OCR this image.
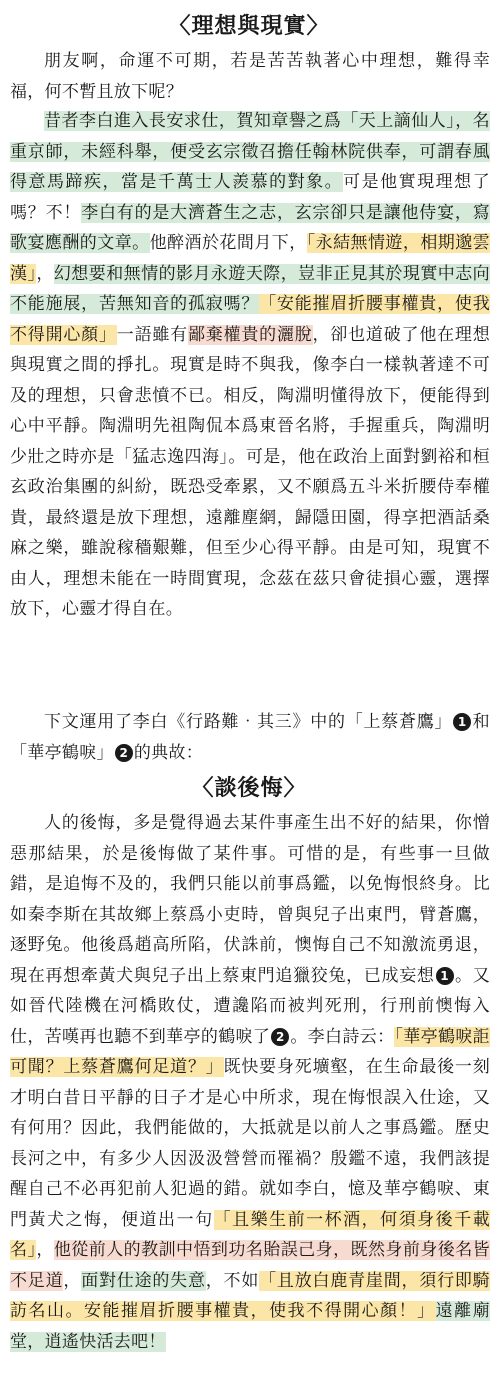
〈理想與現實〉
朋友啊，命運不可期，若是苦苦執著心中理想，難得幸福，何不暫且放下呢？
昔者李白進入長安求仕，賀知章譽之爲「天上謫仙人」，名重京師，未經科舉，便受玄宗徵召擔任翰林院供奉，可謂春風得意馬蹄疾，當是千萬士人羨慕的對象。可是他實現理想了嗎？不！李白有的是大濟蒼生之志，玄宗卻只是讓他侍宴，寫歌宴應酬的文章。他醉酒於花間月下，「永結無情遊，相期邈雲漢」，幻想要和無情的影月永遊天際，豈非正見其於現實中志向不能施展，苦無知音的孤寂嗎？「安能摧眉折腰事權貴，使我不得開心顏」一語雖有鄙棄權貴的灑脫，卻也道破了他在理想與現實之間的掙扎。現實是時不與我，像李白一樣執著達不可及的理想，只會悲憤不已。相反，陶淵明懂得放下，便能得到心中平靜。陶淵明先祖陶侃本爲東晉名將，手握重兵，陶淵明少壯之時亦是「猛志逸四海」。可是，他在政治上面對劉裕和桓玄政治集團的糾紛，既恐受牽累，又不願爲五斗米折腰侍奉權貴，最終還是放下理想，遠離塵網，歸隱田園，得享把酒話桑麻之樂，雖說稼穡艱難，但至少心得平靜。由是可知，現實不由人，理想未能在一時間實現，念茲在茲只會徒損心靈，選擇放下，心靈才得自在。
下文運用了李白《行路難‧其三》中的「上蔡蒼鷹」 1 和「華亭鶴唳」 2 的典故：
〈談後悔〉
人的後悔，多是覺得過去某件事產生出不好的結果，你憎惡那結果，於是後悔做了某件事。可惜的是，有些事一旦做錯，是追悔不及的，我們只能以前事爲鑑，以免悔恨終身。比如秦李斯在其故鄉上蔡爲小吏時，曾與兒子出東門，臂蒼鷹，逐野兔。他後爲趙高所陷，伏誅前，懊悔自己不知激流勇退，現在再想牽黃犬與兒子出上蔡東門追獵狡兔，已成妄想 1 。又如晉代陸機在河橋敗仗，遭讒陷而被判死刑，行刑前懊悔入仕，苦嘆再也聽不到華亭的鶴唳了 2 。李白詩云：「華亭鶴唳詎可聞？上蔡蒼鷹何足道？」既快要身死壙壑，在生命最後一刻才明白昔日平靜的日子才是心中所求，現在悔恨誤入仕途，又有何用？因此，我們能做的，大抵就是以前人之事爲鑑。歷史長河之中，有多少人因汲汲營營而罹禍？殷鑑不遠，我們該提醒自己不必再犯前人犯過的錯。就如李白，憶及華亭鶴唳、東門黃犬之悔，便道出一句「且樂生前一杯酒，何須身後千載名」，他從前人的教訓中悟到功名貽誤己身，既然身前身後名皆不足道，面對仕途的失意，不如「且放白鹿青崖間，須行即騎訪名山。安能摧眉折腰事權貴，使我不得開心顏！」遠離廟堂，逍遙快活去吧！
